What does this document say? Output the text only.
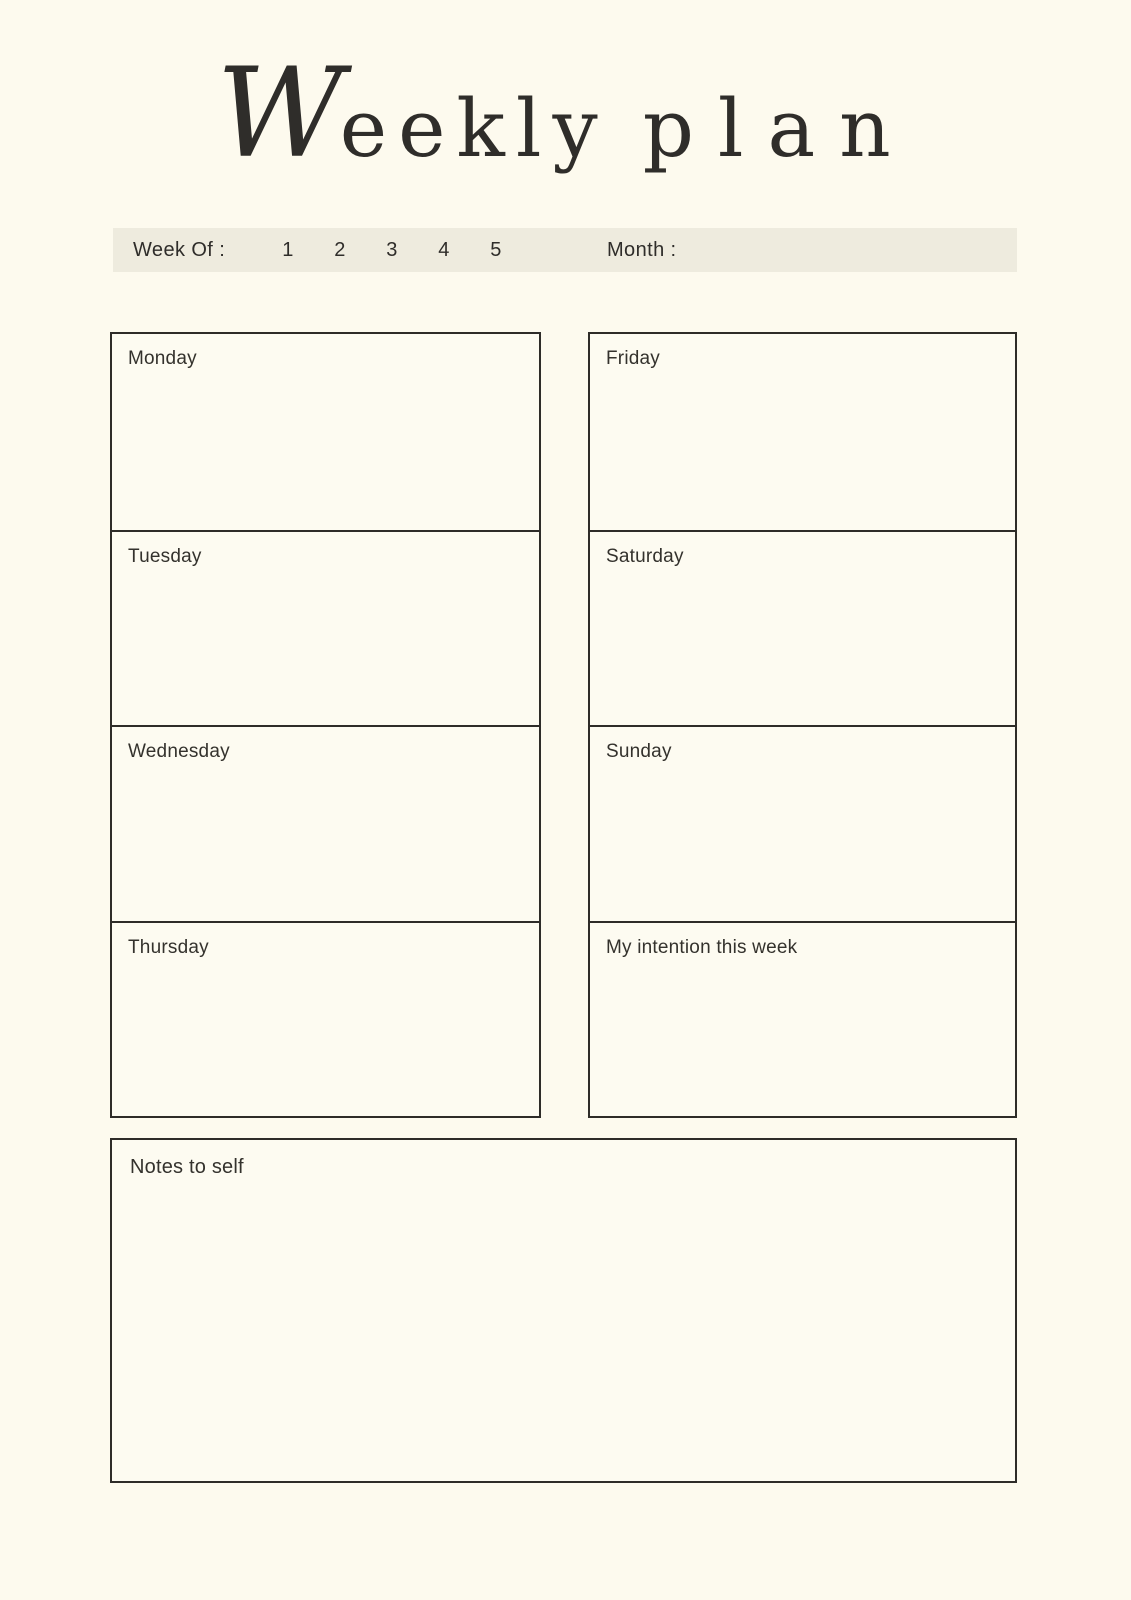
Weekly plan
Week Of :	1 2 3 4 5	Month :
Monday
Tuesday
Wednesday
Thursday
Friday
Saturday
Sunday
My intention this week
Notes to self
